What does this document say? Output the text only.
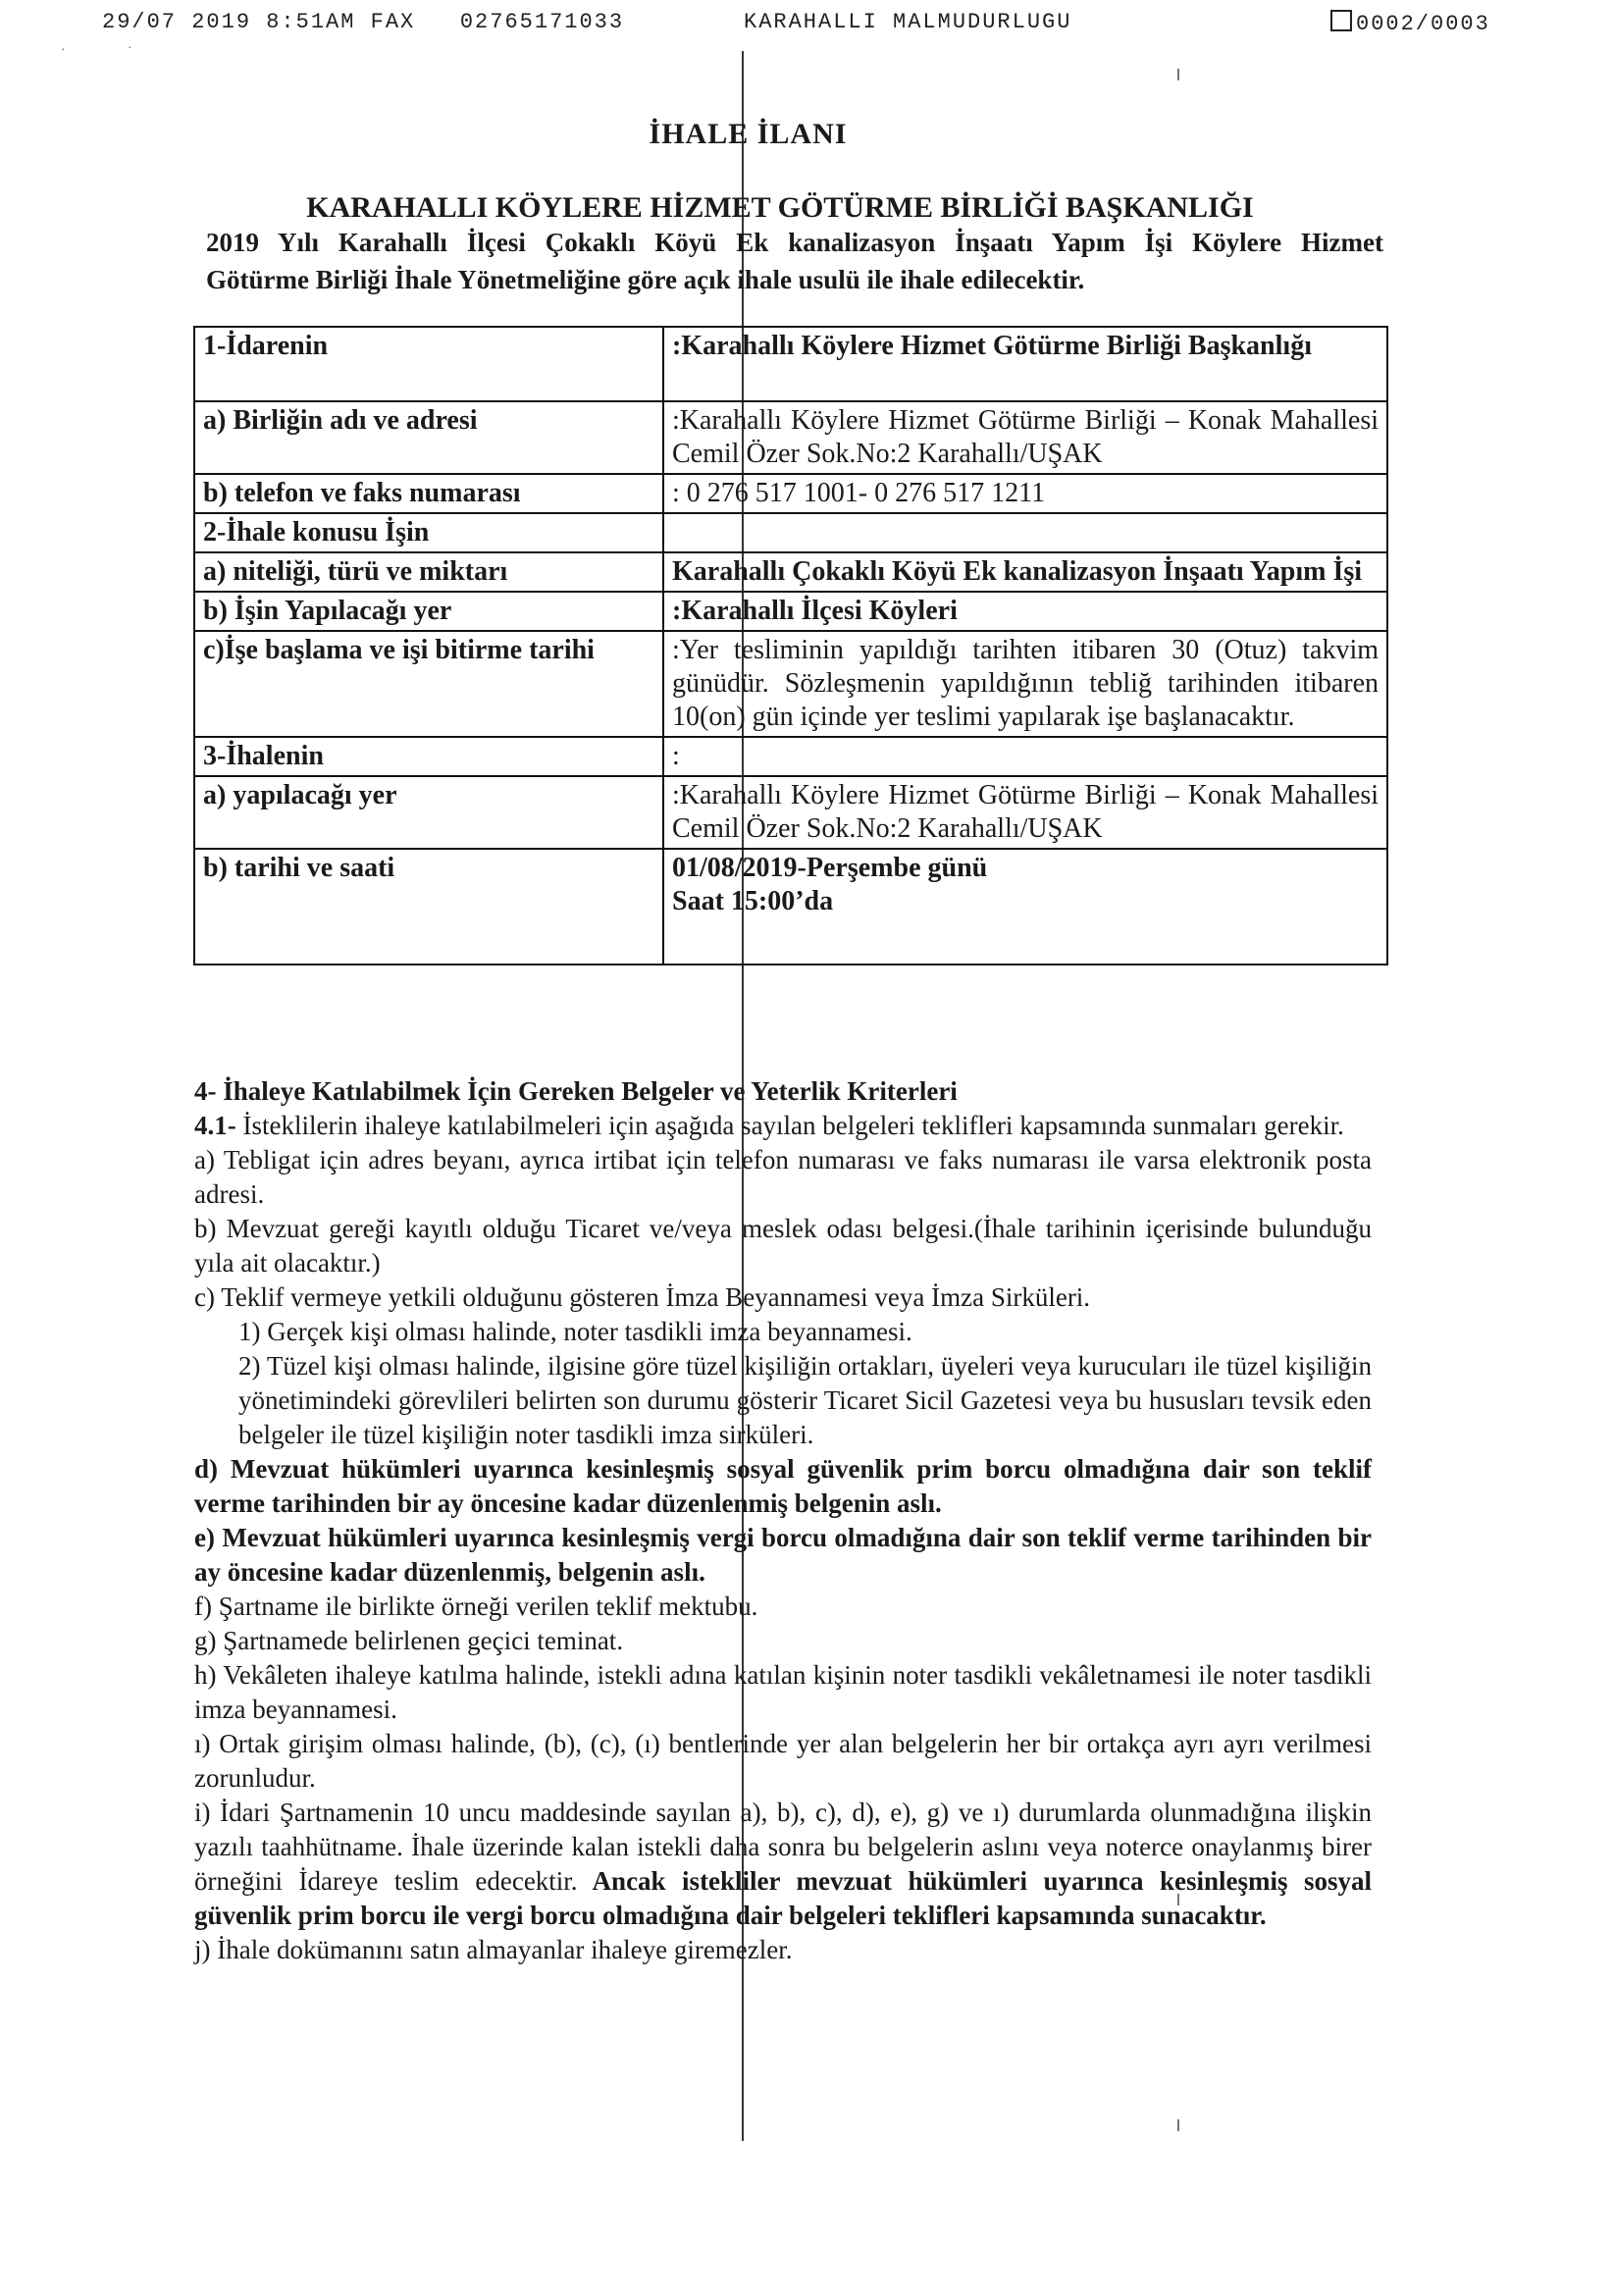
29/07 2019 8:51AM FAX 02765171033	KARAHALLI MALMUDURLUGU	0002/0003
·	·
İHALE İLANI
KARAHALLI KÖYLERE HİZMET GÖTÜRME BİRLİĞİ BAŞKANLIĞI
2019 Yılı Karahallı İlçesi Çokaklı Köyü Ek kanalizasyon İnşaatı Yapım İşi Köylere Hizmet
Götürme Birliği İhale Yönetmeliğine göre açık ihale usulü ile ihale edilecektir.
1-İdarenin	:Karahallı Köylere Hizmet Götürme Birliği Başkanlığı
a) Birliğin adı ve adresi	:Karahallı Köylere Hizmet Götürme Birliği – Konak Mahallesi Cemil Özer Sok.No:2 Karahallı/UŞAK
b) telefon ve faks numarası	: 0 276 517 1001- 0 276 517 1211
2-İhale konusu İşin	
a) niteliği, türü ve miktarı	Karahallı Çokaklı Köyü Ek kanalizasyon İnşaatı Yapım İşi
b) İşin Yapılacağı yer	:Karahallı İlçesi Köyleri
c)İşe başlama ve işi bitirme tarihi	:Yer tesliminin yapıldığı tarihten itibaren 30 (Otuz) takvim günüdür. Sözleşmenin yapıldığının tebliğ tarihinden itibaren 10(on) gün içinde yer teslimi yapılarak işe başlanacaktır.
3-İhalenin	:
a) yapılacağı yer	:Karahallı Köylere Hizmet Götürme Birliği – Konak Mahallesi Cemil Özer Sok.No:2 Karahallı/UŞAK
b) tarihi ve saati	01/08/2019-Perşembe günü
Saat 15:00’da

4- İhaleye Katılabilmek İçin Gereken Belgeler ve Yeterlik Kriterleri

4.1- İsteklilerin ihaleye katılabilmeleri için aşağıda sayılan belgeleri teklifleri kapsamında sunmaları gerekir.

a) Tebligat için adres beyanı, ayrıca irtibat için telefon numarası ve faks numarası ile varsa elektronik posta adresi.

b) Mevzuat gereği kayıtlı olduğu Ticaret ve/veya meslek odası belgesi.(İhale tarihinin içerisinde bulunduğu yıla ait olacaktır.)

c) Teklif vermeye yetkili olduğunu gösteren İmza Beyannamesi veya İmza Sirküleri.

1) Gerçek kişi olması halinde, noter tasdikli imza beyannamesi.

2) Tüzel kişi olması halinde, ilgisine göre tüzel kişiliğin ortakları, üyeleri veya kurucuları ile tüzel kişiliğin yönetimindeki görevlileri belirten son durumu gösterir Ticaret Sicil Gazetesi veya bu hususları tevsik eden belgeler ile tüzel kişiliğin noter tasdikli imza sirküleri.

d) Mevzuat hükümleri uyarınca kesinleşmiş sosyal güvenlik prim borcu olmadığına dair son teklif verme tarihinden bir ay öncesine kadar düzenlenmiş belgenin aslı.

e) Mevzuat hükümleri uyarınca kesinleşmiş vergi borcu olmadığına dair son teklif verme tarihinden bir ay öncesine kadar düzenlenmiş, belgenin aslı.

f) Şartname ile birlikte örneği verilen teklif mektubu.

g) Şartnamede belirlenen geçici teminat.

h) Vekâleten ihaleye katılma halinde, istekli adına katılan kişinin noter tasdikli vekâletnamesi ile noter tasdikli imza beyannamesi.

ı) Ortak girişim olması halinde, (b), (c), (ı) bentlerinde yer alan belgelerin her bir ortakça ayrı ayrı verilmesi zorunludur.

i) İdari Şartnamenin 10 uncu maddesinde sayılan a), b), c), d), e), g) ve ı) durumlarda olunmadığına ilişkin yazılı taahhütname. İhale üzerinde kalan istekli daha sonra bu belgelerin aslını veya noterce onaylanmış birer örneğini İdareye teslim edecektir. Ancak istekliler mevzuat hükümleri uyarınca kesinleşmiş sosyal güvenlik prim borcu ile vergi borcu olmadığına dair belgeleri teklifleri kapsamında sunacaktır.

j) İhale dokümanını satın almayanlar ihaleye giremezler.
